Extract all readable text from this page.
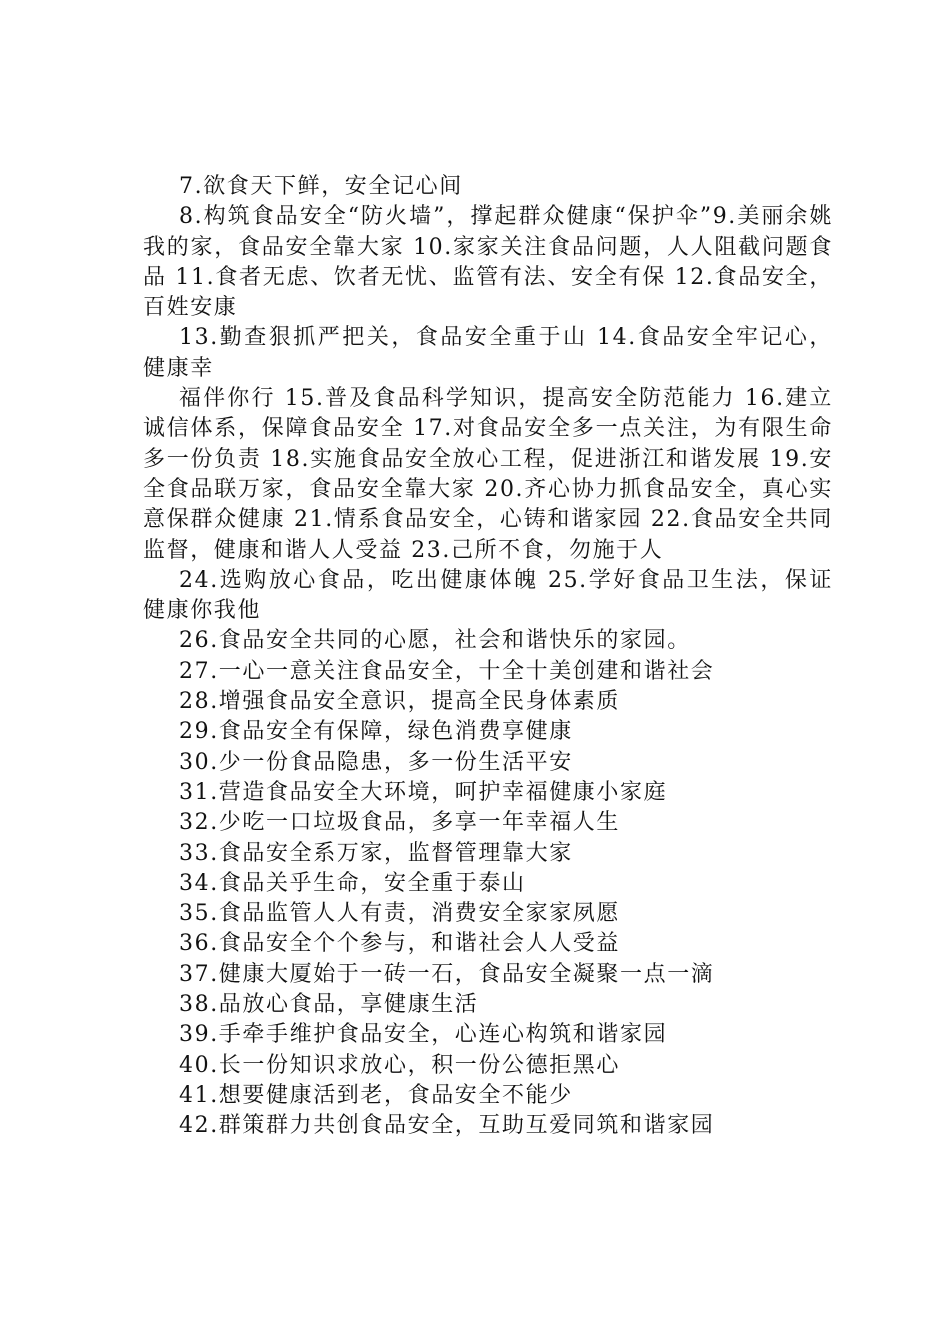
7.欲食天下鲜，安全记心间

8.构筑食品安全“防火墙”，撑起群众健康“保护伞”9.美丽余姚我的家，食品安全靠大家 10.家家关注食品问题，人人阻截问题食品 11.食者无虑、饮者无忧、监管有法、安全有保 12.食品安全，百姓安康

13.勤查狠抓严把关，食品安全重于山 14.食品安全牢记心，健康幸

福伴你行 15.普及食品科学知识，提高安全防范能力 16.建立诚信体系，保障食品安全 17.对食品安全多一点关注，为有限生命多一份负责 18.实施食品安全放心工程，促进浙江和谐发展 19.安全食品联万家，食品安全靠大家 20.齐心协力抓食品安全，真心实意保群众健康 21.情系食品安全，心铸和谐家园 22.食品安全共同监督，健康和谐人人受益 23.己所不食，勿施于人

24.选购放心食品，吃出健康体魄 25.学好食品卫生法，保证健康你我他

26.食品安全共同的心愿，社会和谐快乐的家园。

27.一心一意关注食品安全，十全十美创建和谐社会

28.增强食品安全意识，提高全民身体素质

29.食品安全有保障，绿色消费享健康

30.少一份食品隐患，多一份生活平安

31.营造食品安全大环境，呵护幸福健康小家庭

32.少吃一口垃圾食品，多享一年幸福人生

33.食品安全系万家，监督管理靠大家

34.食品关乎生命，安全重于泰山

35.食品监管人人有责，消费安全家家夙愿

36.食品安全个个参与，和谐社会人人受益

37.健康大厦始于一砖一石，食品安全凝聚一点一滴

38.品放心食品，享健康生活

39.手牵手维护食品安全，心连心构筑和谐家园

40.长一份知识求放心，积一份公德拒黑心

41.想要健康活到老，食品安全不能少

42.群策群力共创食品安全，互助互爱同筑和谐家园
